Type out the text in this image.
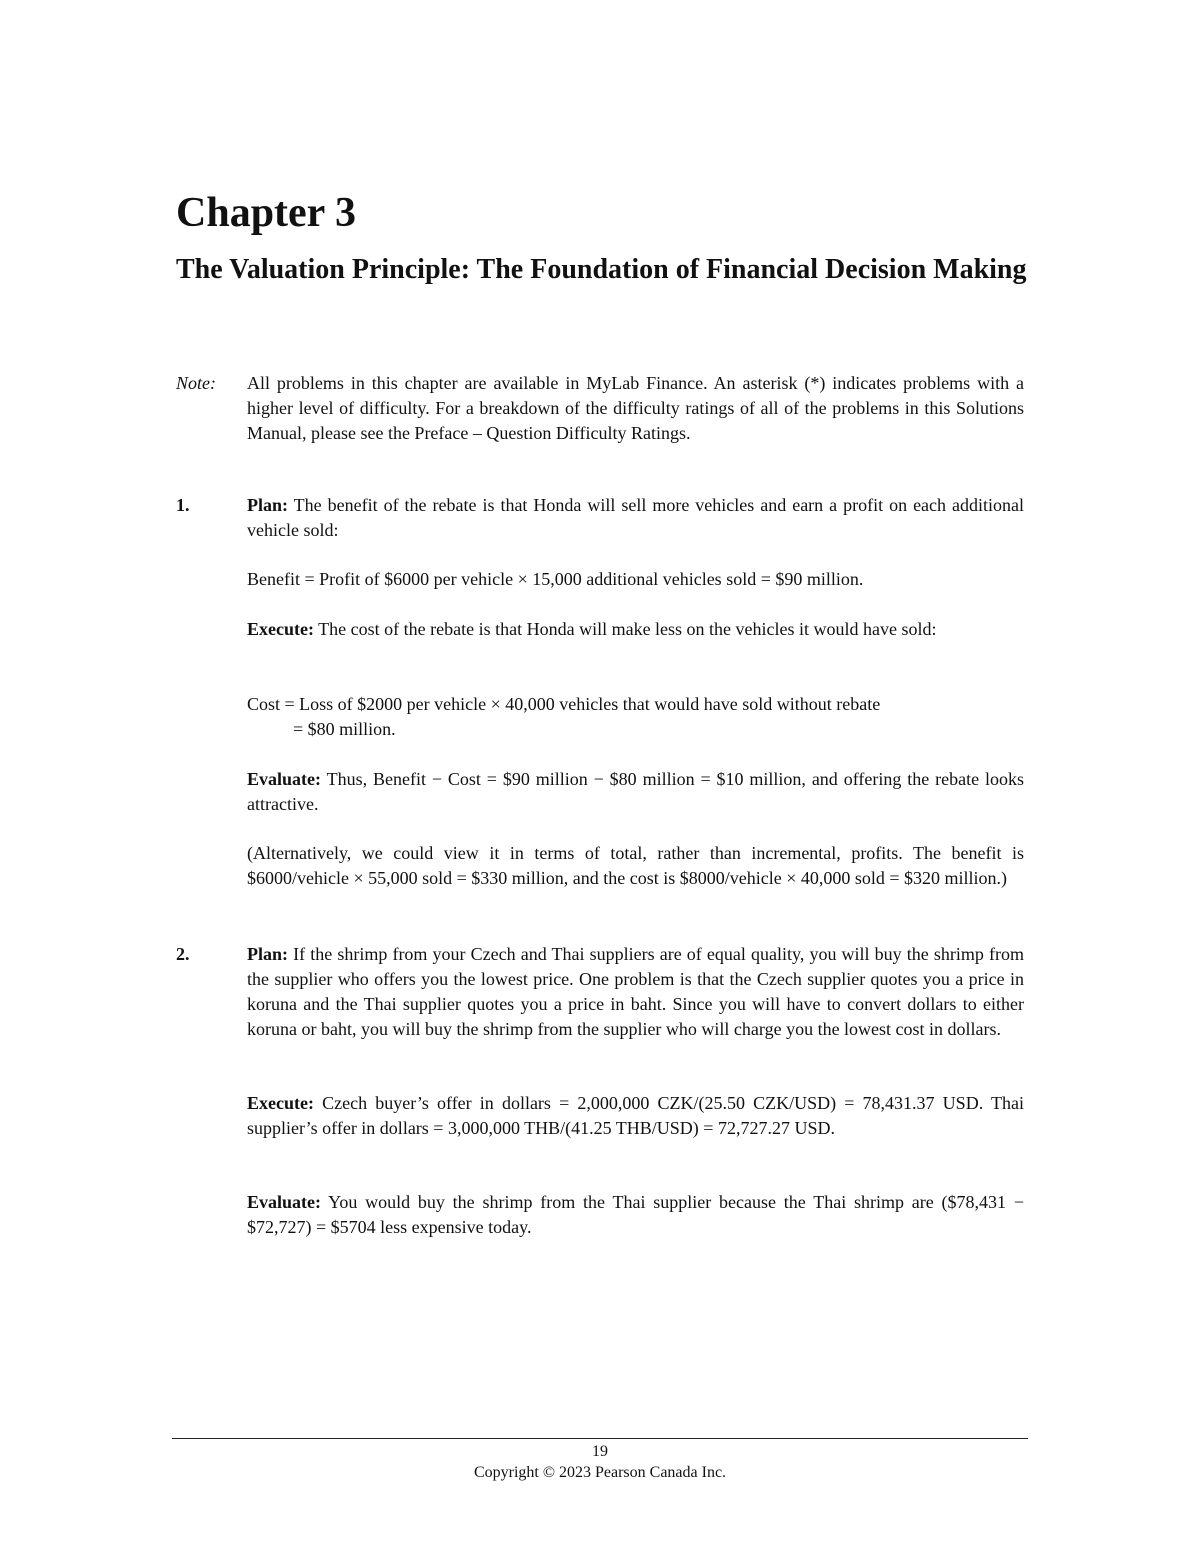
Chapter 3
The Valuation Principle: The Foundation of Financial Decision Making
Note: All problems in this chapter are available in MyLab Finance. An asterisk (*) indicates problems with a higher level of difficulty. For a breakdown of the difficulty ratings of all of the problems in this Solutions Manual, please see the Preface – Question Difficulty Ratings.
1.	Plan: The benefit of the rebate is that Honda will sell more vehicles and earn a profit on each additional vehicle sold:
Benefit = Profit of $6000 per vehicle × 15,000 additional vehicles sold = $90 million.
Execute: The cost of the rebate is that Honda will make less on the vehicles it would have sold:
Cost = Loss of $2000 per vehicle × 40,000 vehicles that would have sold without rebate
= $80 million.
Evaluate: Thus, Benefit − Cost = $90 million − $80 million = $10 million, and offering the rebate looks attractive.
(Alternatively, we could view it in terms of total, rather than incremental, profits. The benefit is $6000/vehicle × 55,000 sold = $330 million, and the cost is $8000/vehicle × 40,000 sold = $320 million.)
2.	Plan: If the shrimp from your Czech and Thai suppliers are of equal quality, you will buy the shrimp from the supplier who offers you the lowest price. One problem is that the Czech supplier quotes you a price in koruna and the Thai supplier quotes you a price in baht. Since you will have to convert dollars to either koruna or baht, you will buy the shrimp from the supplier who will charge you the lowest cost in dollars.
Execute: Czech buyer’s offer in dollars = 2,000,000 CZK/(25.50 CZK/USD) = 78,431.37 USD. Thai supplier’s offer in dollars = 3,000,000 THB/(41.25 THB/USD) = 72,727.27 USD.
Evaluate: You would buy the shrimp from the Thai supplier because the Thai shrimp are ($78,431 − $72,727) = $5704 less expensive today.
19
Copyright © 2023 Pearson Canada Inc.
